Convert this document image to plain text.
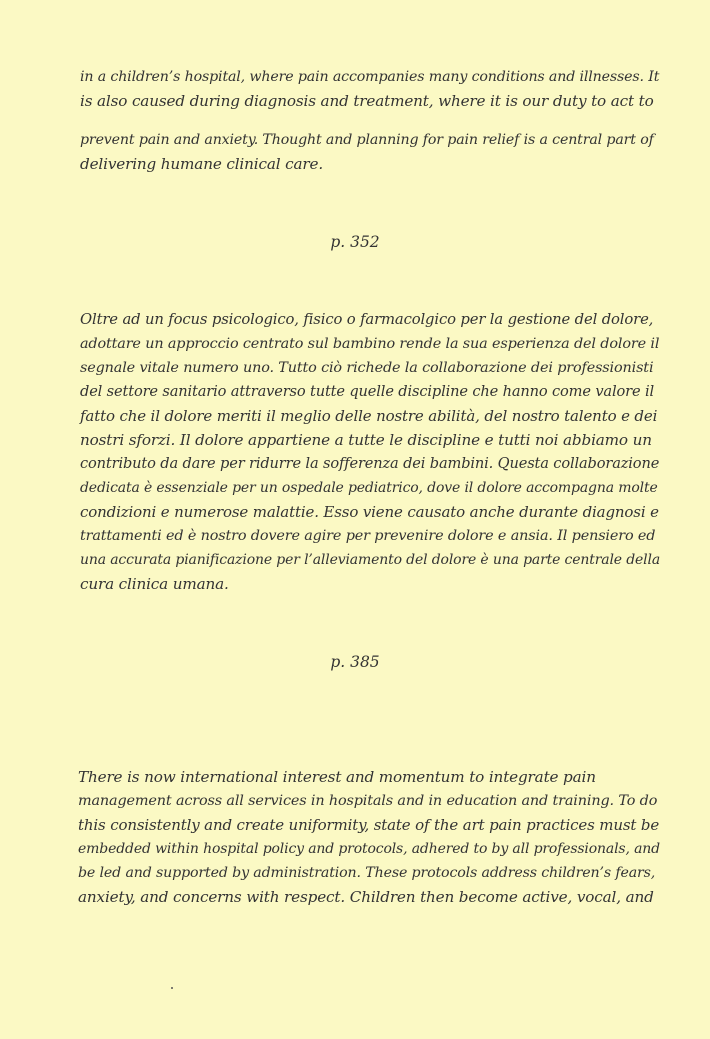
in a children’s hospital, where pain accompanies many conditions and illnesses. It
is also caused during diagnosis and treatment, where it is our duty to act to
prevent pain and anxiety. Thought and planning for pain relief is a central part of
delivering humane clinical care.
p. 352
Oltre ad un focus psicologico, fisico o farmacolgico per la gestione del dolore,
adottare un approccio centrato sul bambino rende la sua esperienza del dolore il
segnale vitale numero uno. Tutto ciò richede la collaborazione dei professionisti
del settore sanitario attraverso tutte quelle discipline che hanno come valore il
fatto che il dolore meriti il meglio delle nostre abilità, del nostro talento e dei
nostri sforzi. Il dolore appartiene a tutte le discipline e tutti noi abbiamo un
contributo da dare per ridurre la sofferenza dei bambini. Questa collaborazione
dedicata è essenziale per un ospedale pediatrico, dove il dolore accompagna molte
condizioni e numerose malattie. Esso viene causato anche durante diagnosi e
trattamenti ed è nostro dovere agire per prevenire dolore e ansia. Il pensiero ed
una accurata pianificazione per l’alleviamento del dolore è una parte centrale della
cura clinica umana.
p. 385
There is now international interest and momentum to integrate pain
management across all services in hospitals and in education and training. To do
this consistently and create uniformity, state of the art pain practices must be
embedded within hospital policy and protocols, adhered to by all professionals, and
be led and supported by administration. These protocols address children’s fears,
anxiety, and concerns with respect. Children then become active, vocal, and
